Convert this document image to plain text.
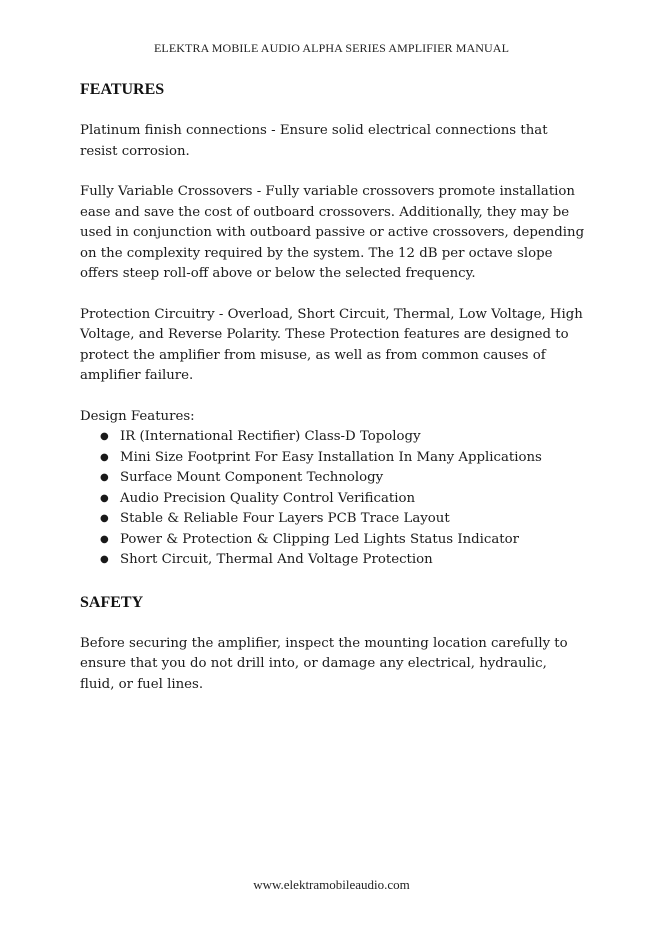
ELEKTRA MOBILE AUDIO ALPHA SERIES AMPLIFIER MANUAL
FEATURES

Platinum finish connections - Ensure solid electrical connections that resist corrosion.

Fully Variable Crossovers - Fully variable crossovers promote installation ease and save the cost of outboard crossovers. Additionally, they may be used in conjunction with outboard passive or active crossovers, depending on the complexity required by the system. The 12 dB per octave slope offers steep roll-off above or below the selected frequency.

Protection Circuitry - Overload, Short Circuit, Thermal, Low Voltage, High Voltage, and Reverse Polarity. These Protection features are designed to protect the amplifier from misuse, as well as from common causes of amplifier failure.

Design Features:

● IR (International Rectifier) Class-D Topology
● Mini Size Footprint For Easy Installation In Many Applications
● Surface Mount Component Technology
● Audio Precision Quality Control Verification
● Stable & Reliable Four Layers PCB Trace Layout
● Power & Protection & Clipping Led Lights Status Indicator
● Short Circuit, Thermal And Voltage Protection
SAFETY

Before securing the amplifier, inspect the mounting location carefully to ensure that you do not drill into, or damage any electrical, hydraulic, fluid, or fuel lines.

www.elektramobileaudio.com
